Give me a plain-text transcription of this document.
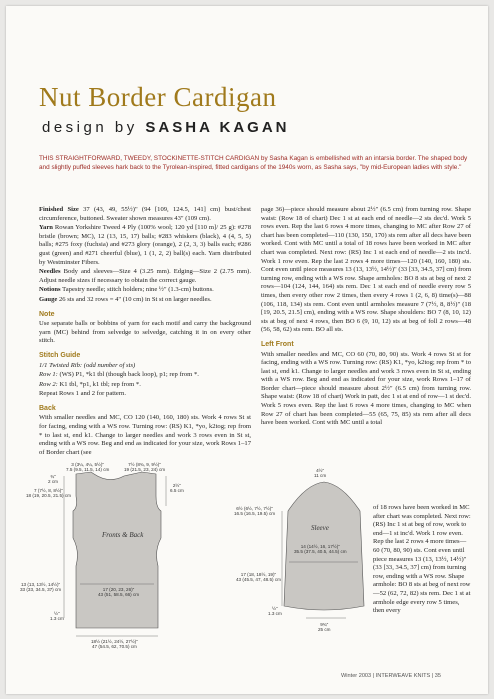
Nut Border Cardigan
design by SASHA KAGAN
THIS STRAIGHTFORWARD, TWEEDY, STOCKINETTE-STITCH CARDIGAN by Sasha Kagan is embellished with an intarsia border. The shaped body and slightly puffed sleeves hark back to the Tyrolean-inspired, fitted cardigans of the 1940s worn, as Sasha says, "by mid-European ladies with style."

Finished Size 37 (43, 49, 55½)" (94 [109, 124.5, 141] cm) bust/chest circumference, buttoned. Sweater shown measures 43" (109 cm).

Yarn Rowan Yorkshire Tweed 4 Ply (100% wool; 120 yd [110 m]/ 25 g): #278 bristle (brown; MC), 12 (13, 15, 17) balls; #283 whiskers (black), 4 (4, 5, 5) balls; #275 foxy (fuchsia) and #273 glory (orange), 2 (2, 3, 3) balls each; #286 gust (green) and #271 cheerful (blue), 1 (1, 2, 2) ball(s) each. Yarn distributed by Westminster Fibers.

Needles Body and sleeves—Size 4 (3.25 mm). Edging—Size 2 (2.75 mm). Adjust needle sizes if necessary to obtain the correct gauge.

Notions Tapestry needle; stitch holders; nine ½" (1.3-cm) buttons.

Gauge 26 sts and 32 rows = 4" (10 cm) in St st on larger needles.

Note

Use separate balls or bobbins of yarn for each motif and carry the background yarn (MC) behind from selvedge to selvedge, catching it in on every other stitch.

Stitch Guide

1/1 Twisted Rib: (odd number of sts)

Row 1: (WS) P1, *k1 tbl (though back loop), p1; rep from *.

Row 2: K1 tbl, *p1, k1 tbl; rep from *.

Repeat Rows 1 and 2 for pattern.

Back

With smaller needles and MC, CO 120 (140, 160, 180) sts. Work 4 rows St st for facing, ending with a WS row. Turning row: (RS) K1, *yo, k2tog; rep from * to last st, end k1. Change to larger needles and work 3 rows even in St st, ending with a WS row. Beg and end as indicated for your size, work Rows 1–17 of Border chart (see

page 36)—piece should measure about 2½" (6.5 cm) from turning row. Shape waist: (Row 18 of chart) Dec 1 st at each end of needle—2 sts dec'd. Work 5 rows even. Rep the last 6 rows 4 more times, changing to MC after Row 27 of chart has been completed—110 (130, 150, 170) sts rem after all decs have been worked. Cont with MC until a total of 18 rows have been worked in MC after chart was completed. Next row: (RS) Inc 1 st each end of needle—2 sts inc'd. Work 1 row even. Rep the last 2 rows 4 more times—120 (140, 160, 180) sts. Cont even until piece measures 13 (13, 13½, 14½)" (33 [33, 34.5, 37] cm) from turning row, ending with a WS row. Shape armholes: BO 8 sts at beg of next 2 rows—104 (124, 144, 164) sts rem. Dec 1 st each end of needle every row 5 times, then every other row 2 times, then every 4 rows 1 (2, 6, 8) time(s)—88 (106, 118, 134) sts rem. Cont even until armholes measure 7 (7½, 8, 8½)" (18 [19, 20.5, 21.5] cm), ending with a WS row. Shape shoulders: BO 7 (8, 10, 12) sts at beg of next 4 rows, then BO 6 (9, 10, 12) sts at beg of foll 2 rows—48 (56, 58, 62) sts rem. BO all sts.

Left Front

With smaller needles and MC, CO 60 (70, 80, 90) sts. Work 4 rows St st for facing, ending with a WS row. Turning row: (RS) K1, *yo, k2tog; rep from * to last st, end k1. Change to larger needles and work 3 rows even in St st, ending with a WS row. Beg and end as indicated for your size, work Rows 1–17 of Border chart—piece should measure about 2½" (6.5 cm) from turning row. Shape waist: (Row 18 of chart) Work in patt, dec 1 st at end of row—1 st dec'd. Work 5 rows even. Rep the last 6 rows 4 more times, changing to MC when Row 27 of chart has been completed—55 (65, 75, 85) sts rem after all decs have been worked. Cont with MC until a total

3 (3¼, 4¼, 5½)"
7.5 (9.5, 11.5, 14) cm
7½ (8¾, 9, 9½)"
19 (21.5, 23, 24) cm
¾"
2 cm
7 (7½, 8, 8½)"
18 (19, 20.5, 21.5) cm
2½"
6.5 cm
Fronts & Back
13 (13, 13½, 14½)"
33 (33, 34.5, 37) cm	17 (20, 23, 26)"
43 (51, 58.5, 66) cm
½"
1.3 cm
18½ (21½, 24½, 27½)"
47 (54.5, 62, 70.5) cm
4½"
11 cm
6½ (6½, 7½, 7½)"
16.5 (16.5, 19.5) cm
Sleeve
14 (14½, 16, 17½)"
35.5 (37.5, 40.5, 44.5) cm
17 (18, 18½, 19)"
43 (45.5, 47, 48.5) cm
½"
1.3 cm
9¾"
25 cm
of 18 rows have been worked in MC after chart was completed. Next row: (RS) Inc 1 st at beg of row, work to end—1 st inc'd. Work 1 row even. Rep the last 2 rows 4 more times—60 (70, 80, 90) sts. Cont even until piece measures 13 (13, 13½, 14½)" (33 [33, 34.5, 37] cm) from turning row, ending with a WS row. Shape armhole: BO 8 sts at beg of next row—52 (62, 72, 82) sts rem. Dec 1 st at armhole edge every row 5 times, then every
Winter 2003 | INTERWEAVE KNITS | 35
